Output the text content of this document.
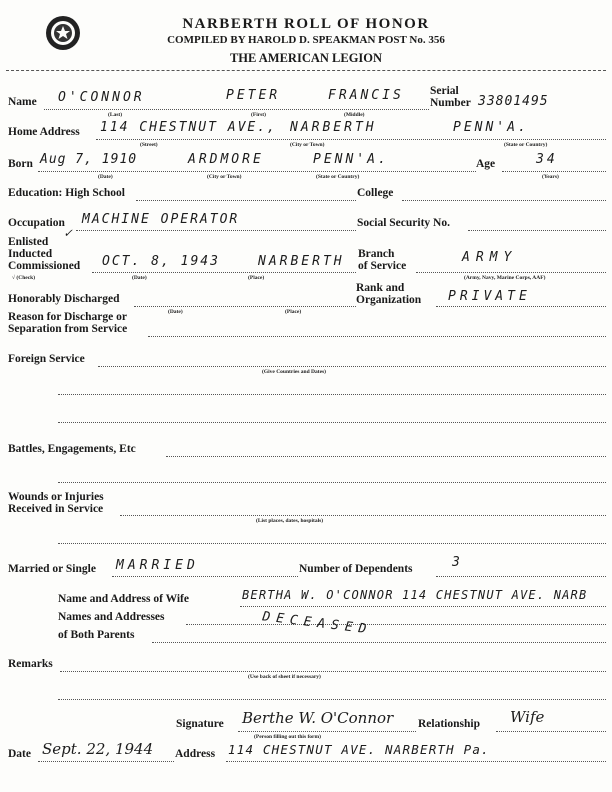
NARBERTH ROLL OF HONOR
COMPILED BY HAROLD D. SPEAKMAN POST No. 356
THE AMERICAN LEGION
Name O'CONNOR	PETER	FRANCIS
(Last)	(First)	(Middle)
Serial
Number 33801495
Home Address 114 CHESTNUT AVE., NARBERTH	PENN'A.
(Street)	(City or Town)	(State or Country)
Born Aug 7, 1910	ARDMORE	PENN'A.
(Date)	(City or Town)	(State or Country)
Age	34
(Years)
Education: High School	College
Occupation MACHINE OPERATOR	Social Security No.
Enlisted
✓
Inducted
Commissioned OCT. 8, 1943	NARBERTH
√ (Check)	(Date)	(Place)
Branch
of Service
ARMY
(Army, Navy, Marine Corps, AAF)
Honorably Discharged
(Date)	(Place)
Rank and
Organization PRIVATE
Reason for Discharge or
Separation from Service
Foreign Service
(Give Countries and Dates)
Battles, Engagements, Etc
Wounds or Injuries
Received in Service
(List places, dates, hospitals)
Married or Single MARRIED	Number of Dependents	3
Name and Address of Wife	BERTHA W. O'CONNOR 114 CHESTNUT AVE. NARB
Names and Addresses
of Both Parents	DECEASED
Remarks
(Use back of sheet if necessary)
Signature Berthe W. O'Connor
(Person filling out this form)
Relationship Wife
Date Sept. 22, 1944 Address 114 CHESTNUT AVE. NARBERTH Pa.
